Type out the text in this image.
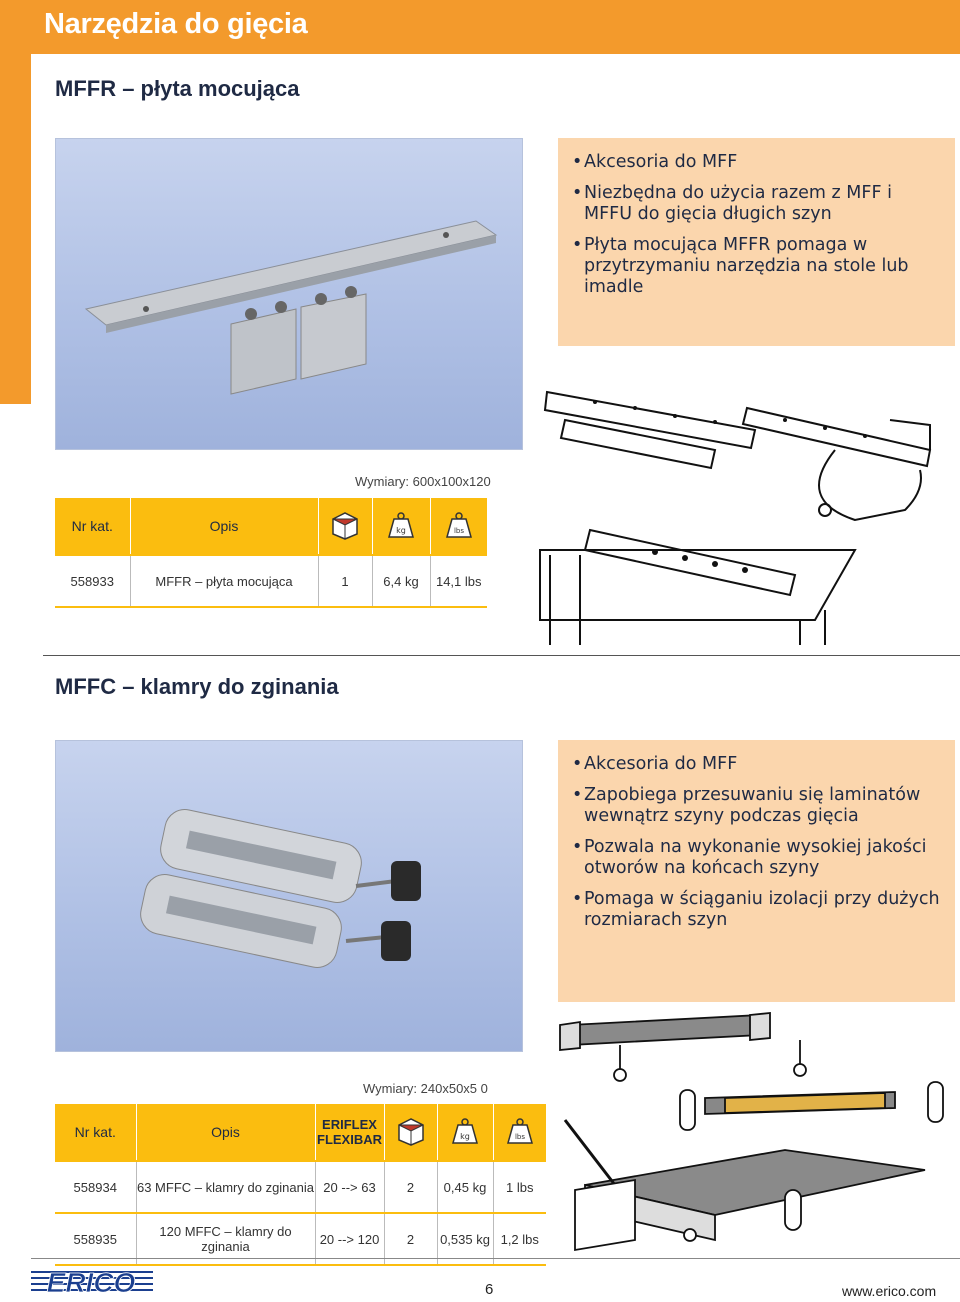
Narzędzia do gięcia
MFFR – płyta mocująca
• Akcesoria do MFF
• Niezbędna do użycia razem z MFF i MFFU do gięcia długich szyn
• Płyta mocująca MFFR pomaga w przytrzymaniu narzędzia na stole lub imadle
Wymiary: 600x100x120
Nr kat.	Opis		kg	lbs

558933	MFFR – płyta mocująca	1	6,4 kg	14,1 lbs

MFFC – klamry do zginania
• Akcesoria do MFF
• Zapobiega przesuwaniu się laminatów wewnątrz szyny podczas gięcia
• Pozwala na wykonanie wysokiej jakości otworów na końcach szyny
• Pomaga w ściąganiu izolacji przy dużych rozmiarach szyn
Wymiary: 240x50x5 0
Nr kat.	Opis	ERIFLEX FLEXIBAR		kg	lbs

558934	63 MFFC – klamry do zginania	20 --> 63	2	0,45 kg	1 lbs

558935	120 MFFC – klamry do zginania	20 --> 120	2	0,535 kg	1,2 lbs

ERICO	6	www.erico.com
